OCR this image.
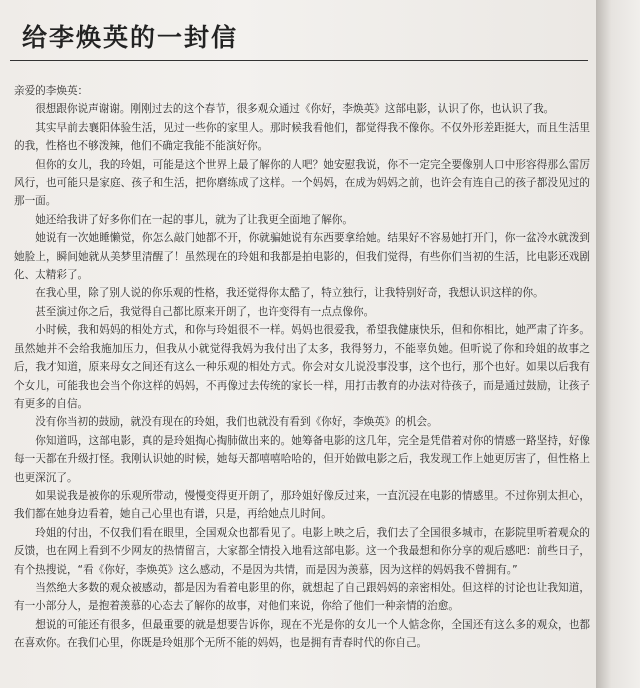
给李焕英的一封信

亲爱的李焕英：

很想跟你说声谢谢。刚刚过去的这个春节，很多观众通过《你好，李焕英》这部电影，认识了你，也认识了我。

其实早前去襄阳体验生活，见过一些你的家里人。那时候我看他们，都觉得我不像你。不仅外形差距挺大，而且生活里的我，性格也不够泼辣，他们不确定我能不能演好你。

但你的女儿，我的玲姐，可能是这个世界上最了解你的人吧？她安慰我说，你不一定完全要像别人口中形容得那么雷厉风行，也可能只是家庭、孩子和生活，把你磨练成了这样。一个妈妈，在成为妈妈之前，也许会有连自己的孩子都没见过的那一面。

她还给我讲了好多你们在一起的事儿，就为了让我更全面地了解你。

她说有一次她睡懒觉，你怎么敲门她都不开，你就骗她说有东西要拿给她。结果好不容易她打开门，你一盆冷水就泼到她脸上，瞬间她就从美梦里清醒了！虽然现在的玲姐和我都是拍电影的，但我们觉得，有些你们当初的生活，比电影还戏剧化、太精彩了。

在我心里，除了别人说的你乐观的性格，我还觉得你太酷了，特立独行，让我特别好奇，我想认识这样的你。

甚至演过你之后，我觉得自己都比原来开朗了，也许变得有一点点像你。

小时候，我和妈妈的相处方式，和你与玲姐很不一样。妈妈也很爱我，希望我健康快乐，但和你相比，她严肃了许多。虽然她并不会给我施加压力，但我从小就觉得我妈为我付出了太多，我得努力，不能辜负她。但听说了你和玲姐的故事之后，我才知道，原来母女之间还有这么一种乐观的相处方式。你会对女儿说没事没事，这个也行，那个也好。如果以后我有个女儿，可能我也会当个你这样的妈妈，不再像过去传统的家长一样，用打击教育的办法对待孩子，而是通过鼓励，让孩子有更多的自信。

没有你当初的鼓励，就没有现在的玲姐，我们也就没有看到《你好，李焕英》的机会。

你知道吗，这部电影，真的是玲姐掏心掏肺做出来的。她筹备电影的这几年，完全是凭借着对你的情感一路坚持，好像每一天都在升级打怪。我刚认识她的时候，她每天都嘻嘻哈哈的，但开始做电影之后，我发现工作上她更厉害了，但性格上也更深沉了。

如果说我是被你的乐观所带动，慢慢变得更开朗了，那玲姐好像反过来，一直沉浸在电影的情感里。不过你别太担心，我们都在她身边看着，她自己心里也有谱，只是，再给她点儿时间。

玲姐的付出，不仅我们看在眼里，全国观众也都看见了。电影上映之后，我们去了全国很多城市，在影院里听着观众的反馈，也在网上看到不少网友的热情留言，大家都全情投入地看这部电影。这一个我最想和你分享的观后感吧：前些日子，有个热搜说，“看《你好，李焕英》这么感动，不是因为共情，而是因为羡慕，因为这样的妈妈我不曾拥有。”

当然绝大多数的观众被感动，都是因为看着电影里的你，就想起了自己跟妈妈的亲密相处。但这样的讨论也让我知道，有一小部分人，是抱着羡慕的心态去了解你的故事，对他们来说，你给了他们一种亲情的治愈。

想说的可能还有很多，但最重要的就是想要告诉你，现在不光是你的女儿一个人惦念你，全国还有这么多的观众，也都在喜欢你。在我们心里，你既是玲姐那个无所不能的妈妈，也是拥有青春时代的你自己。
